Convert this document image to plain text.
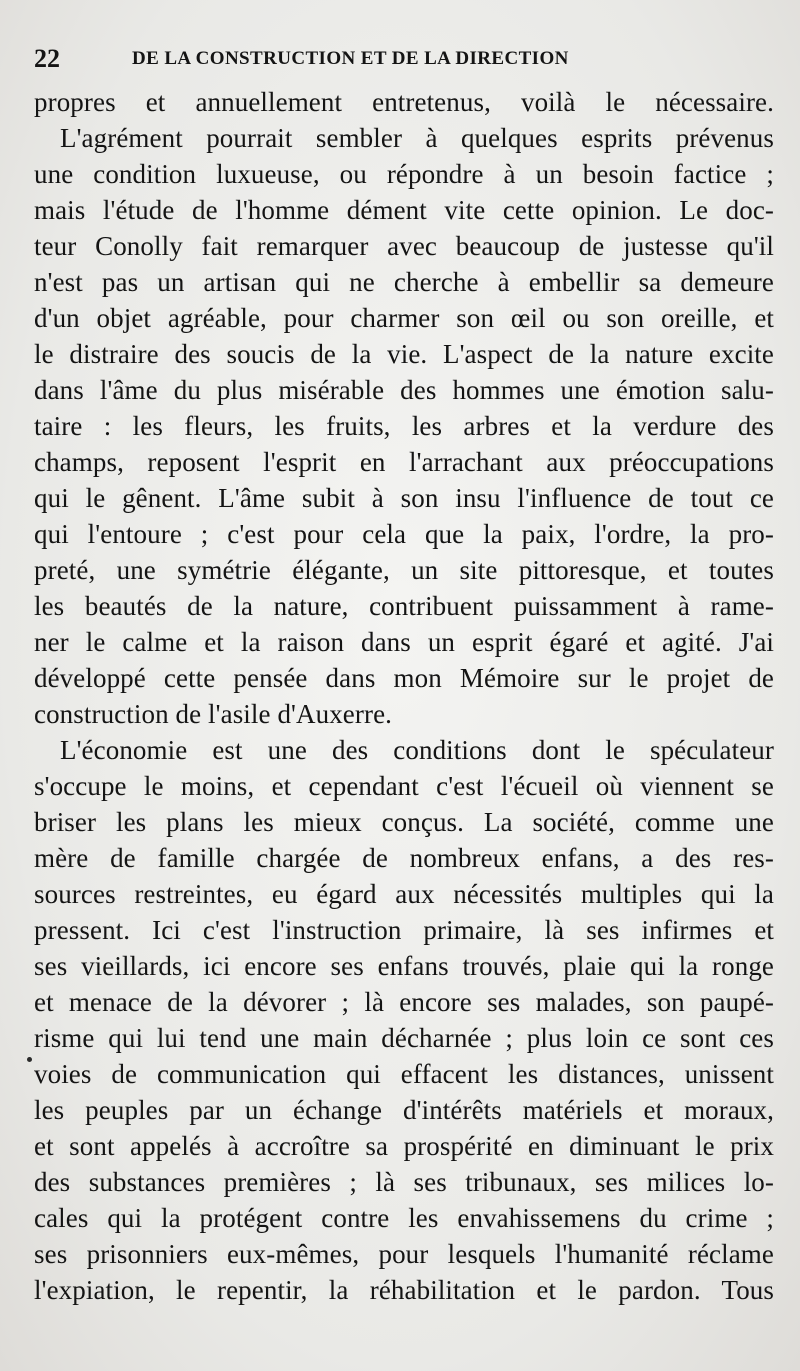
22	DE LA CONSTRUCTION ET DE LA DIRECTION
propres et annuellement entretenus, voilà le nécessaire.
L'agrément pourrait sembler à quelques esprits prévenus
une condition luxueuse, ou répondre à un besoin factice ;
mais l'étude de l'homme dément vite cette opinion. Le doc-
teur Conolly fait remarquer avec beaucoup de justesse qu'il
n'est pas un artisan qui ne cherche à embellir sa demeure
d'un objet agréable, pour charmer son œil ou son oreille, et
le distraire des soucis de la vie. L'aspect de la nature excite
dans l'âme du plus misérable des hommes une émotion salu-
taire : les fleurs, les fruits, les arbres et la verdure des
champs, reposent l'esprit en l'arrachant aux préoccupations
qui le gênent. L'âme subit à son insu l'influence de tout ce
qui l'entoure ; c'est pour cela que la paix, l'ordre, la pro-
preté, une symétrie élégante, un site pittoresque, et toutes
les beautés de la nature, contribuent puissamment à rame-
ner le calme et la raison dans un esprit égaré et agité. J'ai
développé cette pensée dans mon Mémoire sur le projet de
construction de l'asile d'Auxerre.
L'économie est une des conditions dont le spéculateur
s'occupe le moins, et cependant c'est l'écueil où viennent se
briser les plans les mieux conçus. La société, comme une
mère de famille chargée de nombreux enfans, a des res-
sources restreintes, eu égard aux nécessités multiples qui la
pressent. Ici c'est l'instruction primaire, là ses infirmes et
ses vieillards, ici encore ses enfans trouvés, plaie qui la ronge
et menace de la dévorer ; là encore ses malades, son paupé-
risme qui lui tend une main décharnée ; plus loin ce sont ces
voies de communication qui effacent les distances, unissent
les peuples par un échange d'intérêts matériels et moraux,
et sont appelés à accroître sa prospérité en diminuant le prix
des substances premières ; là ses tribunaux, ses milices lo-
cales qui la protégent contre les envahissemens du crime ;
ses prisonniers eux-mêmes, pour lesquels l'humanité réclame
l'expiation, le repentir, la réhabilitation et le pardon. Tous
